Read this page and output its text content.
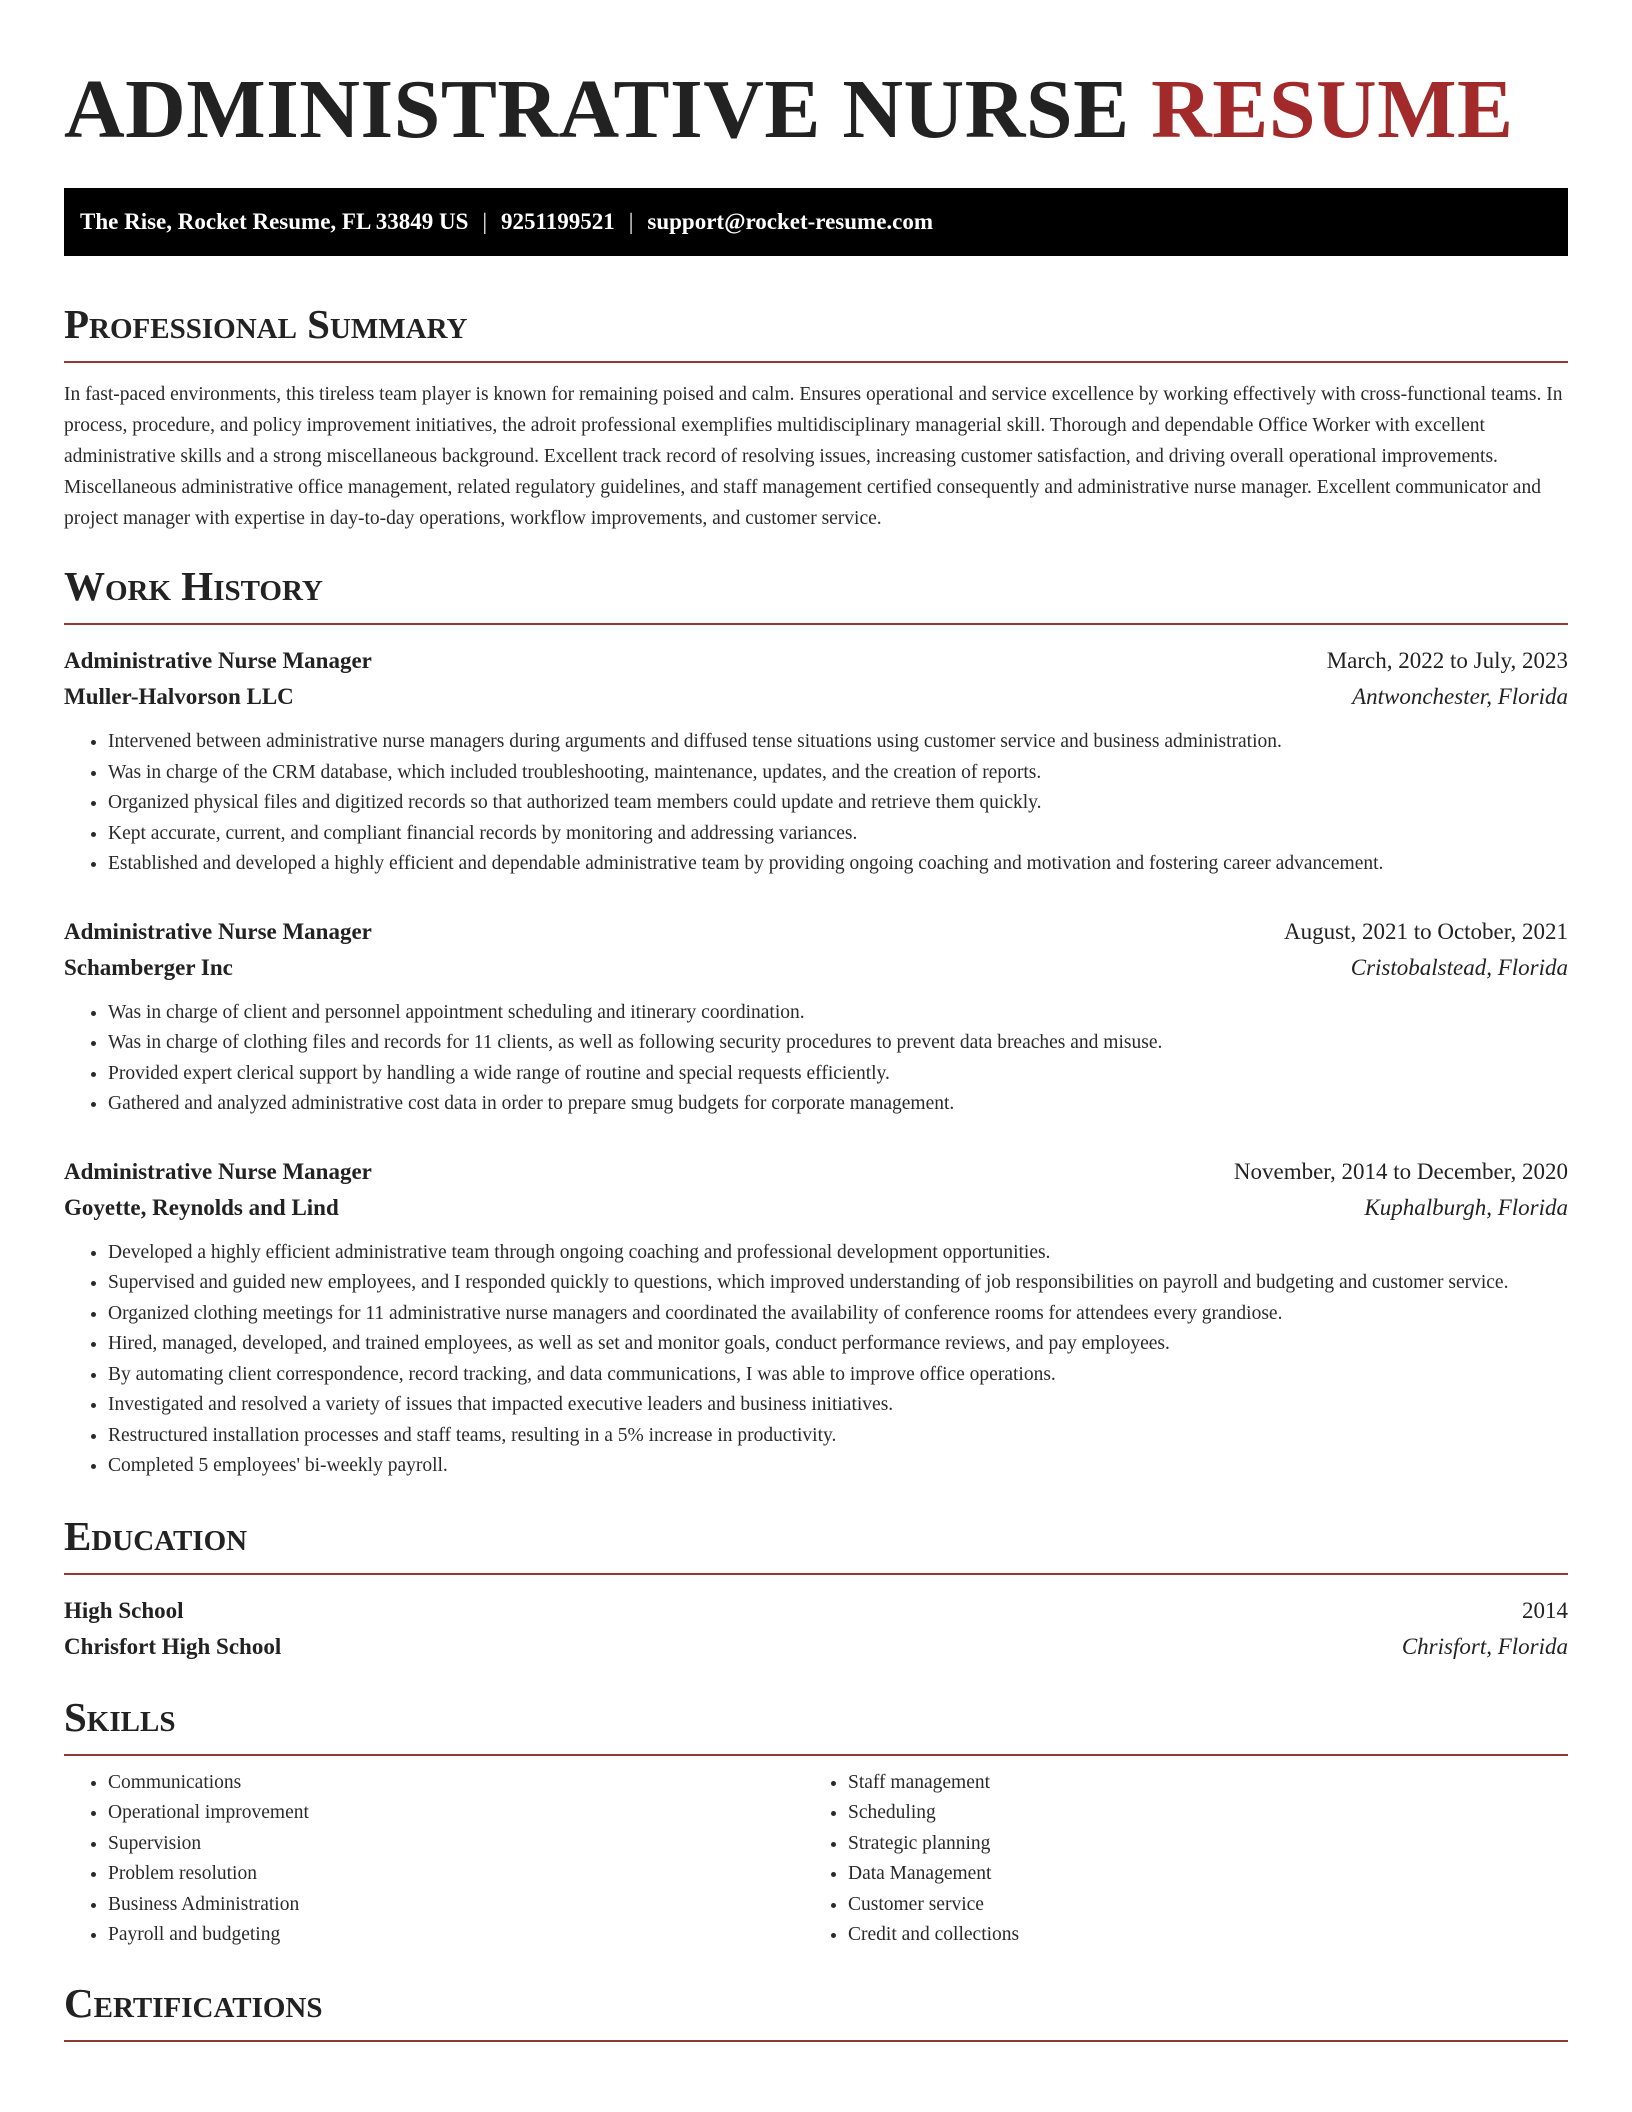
ADMINISTRATIVE NURSE RESUME
The Rise, Rocket Resume, FL 33849 US | 9251199521 | support@rocket-resume.com
Professional Summary

In fast-paced environments, this tireless team player is known for remaining poised and calm. Ensures operational and service excellence by working effectively with cross-functional teams. In process, procedure, and policy improvement initiatives, the adroit professional exemplifies multidisciplinary managerial skill. Thorough and dependable Office Worker with excellent administrative skills and a strong miscellaneous background. Excellent track record of resolving issues, increasing customer satisfaction, and driving overall operational improvements. Miscellaneous administrative office management, related regulatory guidelines, and staff management certified consequently and administrative nurse manager. Excellent communicator and project manager with expertise in day-to-day operations, workflow improvements, and customer service.

Work History
Administrative Nurse Manager	March, 2022 to July, 2023
Muller-Halvorson LLC	Antwonchester, Florida
• Intervened between administrative nurse managers during arguments and diffused tense situations using customer service and business administration.
• Was in charge of the CRM database, which included troubleshooting, maintenance, updates, and the creation of reports.
• Organized physical files and digitized records so that authorized team members could update and retrieve them quickly.
• Kept accurate, current, and compliant financial records by monitoring and addressing variances.
• Established and developed a highly efficient and dependable administrative team by providing ongoing coaching and motivation and fostering career advancement.
Administrative Nurse Manager	August, 2021 to October, 2021
Schamberger Inc	Cristobalstead, Florida
• Was in charge of client and personnel appointment scheduling and itinerary coordination.
• Was in charge of clothing files and records for 11 clients, as well as following security procedures to prevent data breaches and misuse.
• Provided expert clerical support by handling a wide range of routine and special requests efficiently.
• Gathered and analyzed administrative cost data in order to prepare smug budgets for corporate management.
Administrative Nurse Manager	November, 2014 to December, 2020
Goyette, Reynolds and Lind	Kuphalburgh, Florida
• Developed a highly efficient administrative team through ongoing coaching and professional development opportunities.
• Supervised and guided new employees, and I responded quickly to questions, which improved understanding of job responsibilities on payroll and budgeting and customer service.
• Organized clothing meetings for 11 administrative nurse managers and coordinated the availability of conference rooms for attendees every grandiose.
• Hired, managed, developed, and trained employees, as well as set and monitor goals, conduct performance reviews, and pay employees.
• By automating client correspondence, record tracking, and data communications, I was able to improve office operations.
• Investigated and resolved a variety of issues that impacted executive leaders and business initiatives.
• Restructured installation processes and staff teams, resulting in a 5% increase in productivity.
• Completed 5 employees' bi-weekly payroll.
Education
High School	2014
Chrisfort High School	Chrisfort, Florida
Skills
• Communications
• Operational improvement
• Supervision
• Problem resolution
• Business Administration
• Payroll and budgeting
• Staff management
• Scheduling
• Strategic planning
• Data Management
• Customer service
• Credit and collections
Certifications
